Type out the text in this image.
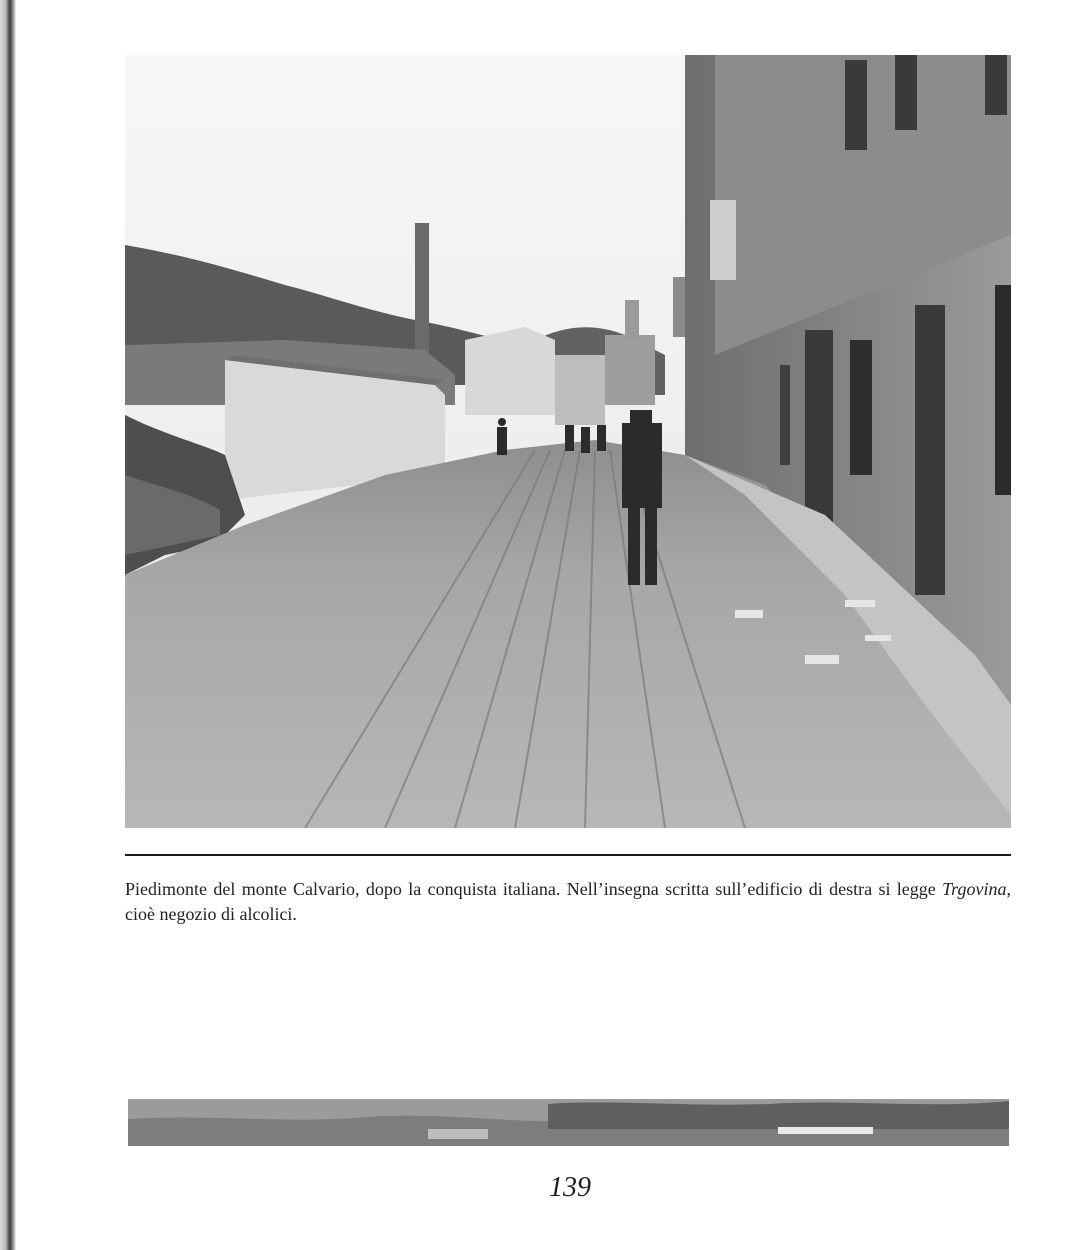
Piedimonte del monte Calvario, dopo la conquista italiana. Nell’insegna scritta sull’edificio di destra si legge Trgovina, cioè negozio di alcolici.

139
